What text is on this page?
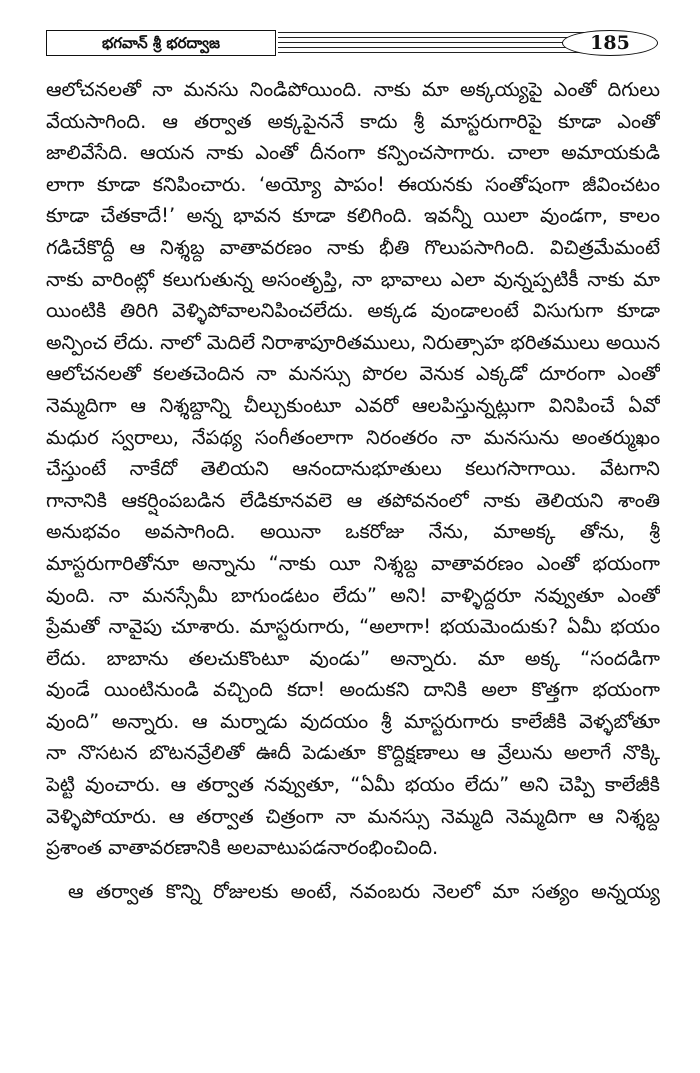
భగవాన్ శ్రీ భరద్వాజ	185
ఆలోచనలతో నా మనసు నిండిపోయింది. నాకు మా అక్కయ్యపై ఎంతో దిగులు
వేయసాగింది. ఆ తర్వాత అక్కపైననే కాదు శ్రీ మాస్టరుగారిపై కూడా ఎంతో
జాలివేసేది. ఆయన నాకు ఎంతో దీనంగా కన్పించసాగారు. చాలా అమాయకుడి
లాగా కూడా కనిపించారు. ‘అయ్యో పాపం! ఈయనకు సంతోషంగా జీవించటం
కూడా చేతకాదే!’ అన్న భావన కూడా కలిగింది. ఇవన్నీ యిలా వుండగా, కాలం
గడిచేకొద్దీ ఆ నిశ్శబ్ద వాతావరణం నాకు భీతి గొలుపసాగింది. విచిత్రమేమంటే
నాకు వారింట్లో కలుగుతున్న అసంతృప్తి, నా భావాలు ఎలా వున్నప్పటికీ నాకు మా
యింటికి తిరిగి వెళ్ళిపోవాలనిపించలేదు. అక్కడ వుండాలంటే విసుగుగా కూడా
అన్పించ లేదు. నాలో మెదిలే నిరాశాపూరితములు, నిరుత్సాహ భరితములు అయిన
ఆలోచనలతో కలతచెందిన నా మనస్సు పొరల వెనుక ఎక్కడో దూరంగా ఎంతో
నెమ్మదిగా ఆ నిశ్శబ్దాన్ని చీల్చుకుంటూ ఎవరో ఆలపిస్తున్నట్లుగా వినిపించే ఏవో
మధుర స్వరాలు, నేపథ్య సంగీతంలాగా నిరంతరం నా మనసును అంతర్ముఖం
చేస్తుంటే నాకేదో తెలియని ఆనందానుభూతులు కలుగసాగాయి. వేటగాని
గానానికి ఆకర్షింపబడిన లేడికూనవలె ఆ తపోవనంలో నాకు తెలియని శాంతి
అనుభవం అవసాగింది. అయినా ఒకరోజు నేను, మాఅక్క తోను, శ్రీ
మాస్టరుగారితోనూ అన్నాను “నాకు యీ నిశ్శబ్ద వాతావరణం ఎంతో భయంగా
వుంది. నా మనస్సేమీ బాగుండటం లేదు” అని! వాళ్ళిద్దరూ నవ్వుతూ ఎంతో
ప్రేమతో నావైపు చూశారు. మాస్టరుగారు, “అలాగా! భయమెందుకు? ఏమీ భయం
లేదు. బాబాను తలచుకొంటూ వుండు” అన్నారు. మా అక్క “సందడిగా
వుండే యింటినుండి వచ్చింది కదా! అందుకని దానికి అలా కొత్తగా భయంగా
వుంది” అన్నారు. ఆ మర్నాడు వుదయం శ్రీ మాస్టరుగారు కాలేజీకి వెళ్ళబోతూ
నా నొసటన బొటనవ్రేలితో ఊదీ పెడుతూ కొద్దిక్షణాలు ఆ వ్రేలును అలాగే నొక్కి
పెట్టి వుంచారు. ఆ తర్వాత నవ్వుతూ, “ఏమీ భయం లేదు” అని చెప్పి కాలేజీకి
వెళ్ళిపోయారు. ఆ తర్వాత చిత్రంగా నా మనస్సు నెమ్మది నెమ్మదిగా ఆ నిశ్శబ్ద
ప్రశాంత వాతావరణానికి అలవాటుపడనారంభించింది.
ఆ తర్వాత కొన్ని రోజులకు అంటే, నవంబరు నెలలో మా సత్యం అన్నయ్య
